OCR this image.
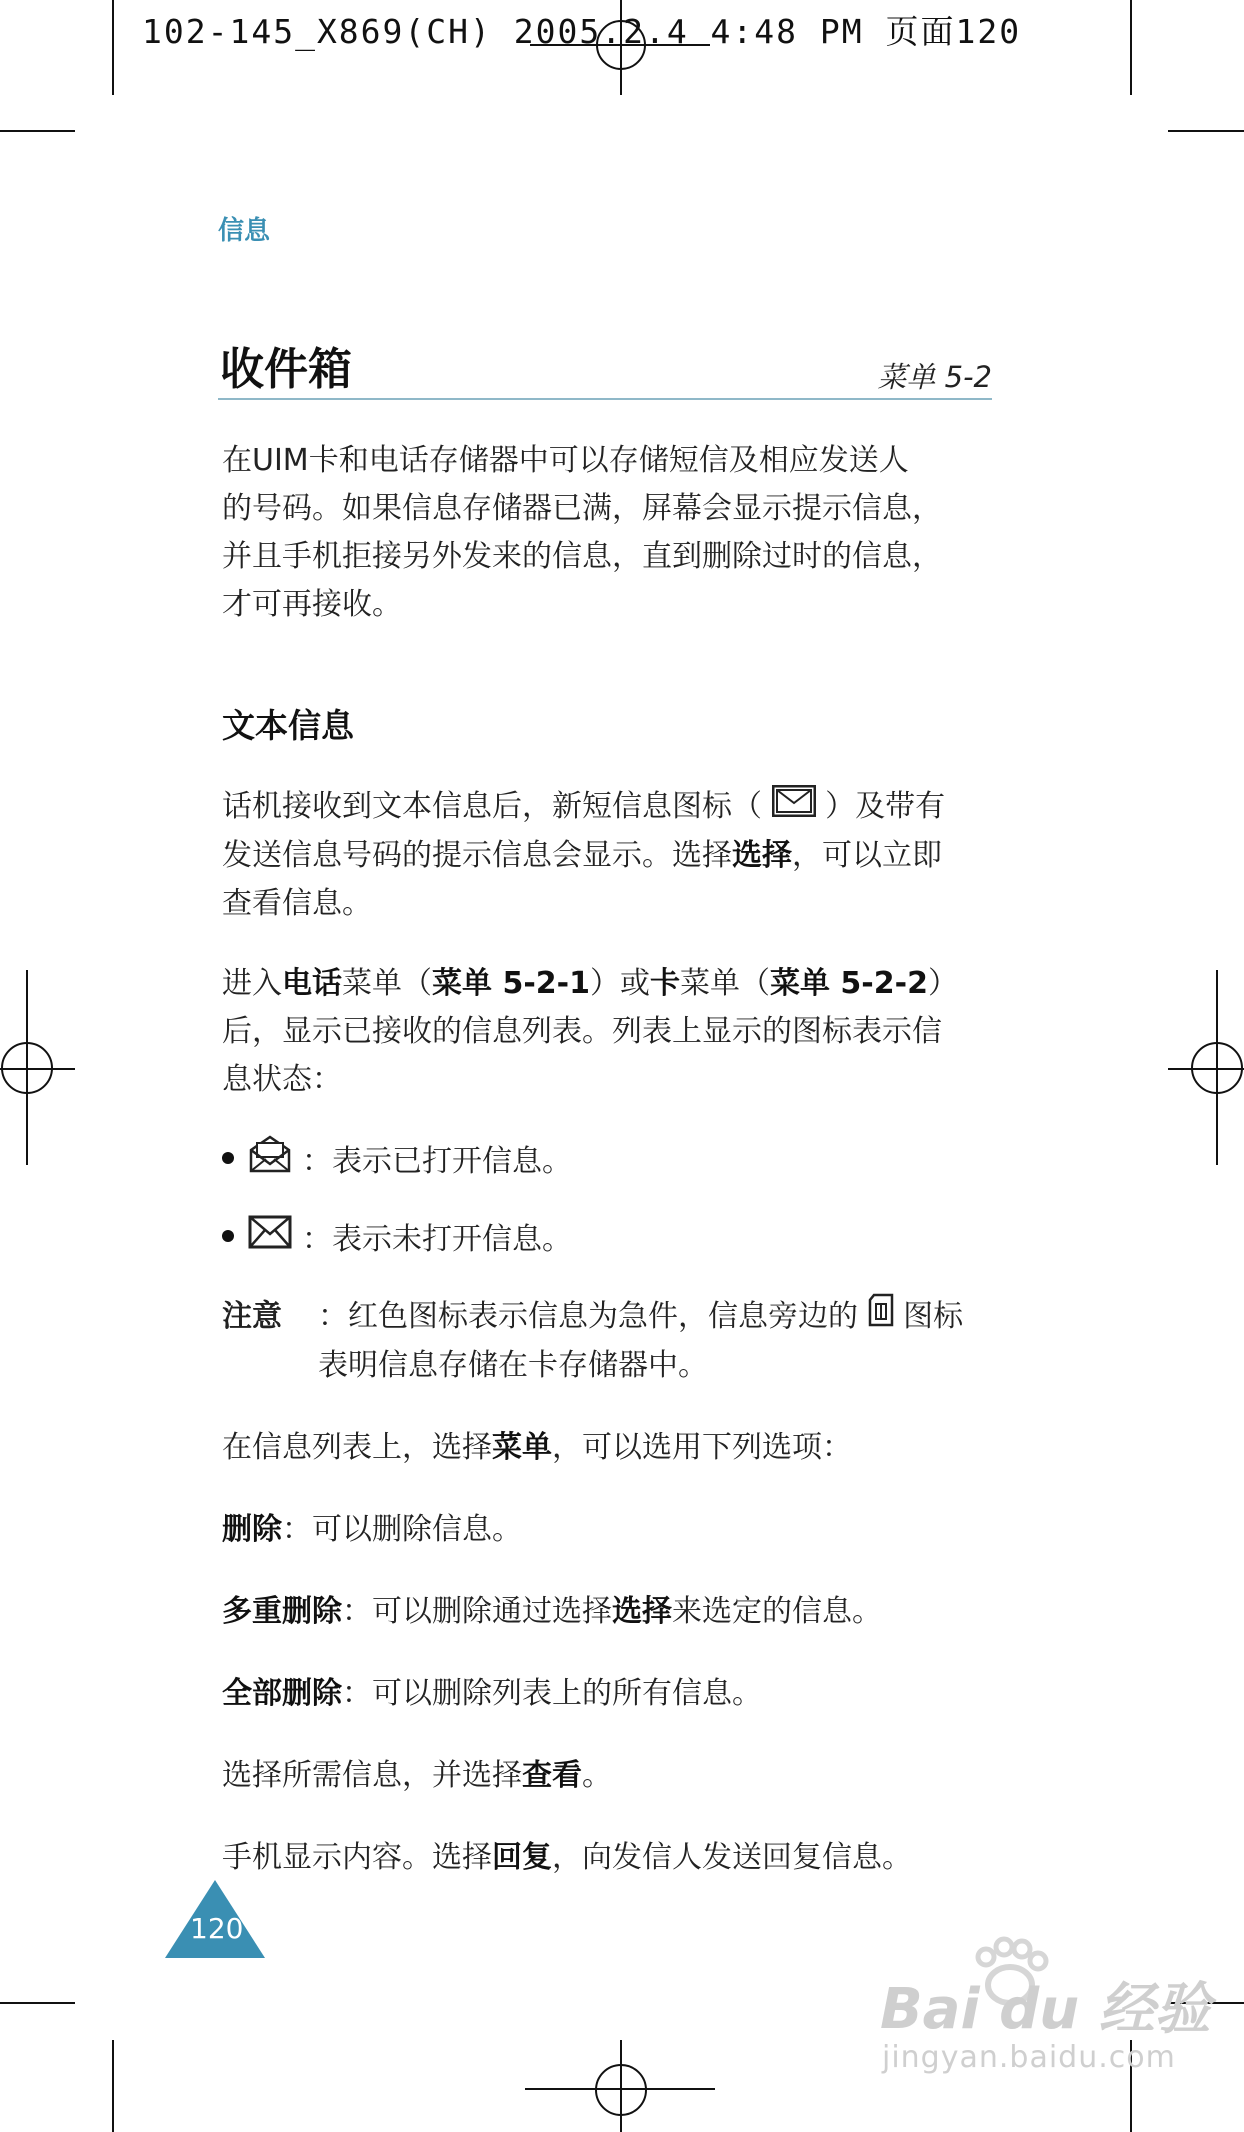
102-145_X869(CH) 2005.2.4 4:48 PM 页面120
信息
收件箱	菜单 5-2
在UIM卡和电话存储器中可以存储短信及相应发送人
的号码。如果信息存储器已满，屏幕会显示提示信息，
并且手机拒接另外发来的信息，直到删除过时的信息，
才可再接收。
文本信息
话机接收到文本信息后，新短信息图标（ ）及带有
发送信息号码的提示信息会显示。选择选择，可以立即
查看信息。
进入电话菜单（菜单 5-2-1）或卡菜单（菜单 5-2-2）
后，显示已接收的信息列表。列表上显示的图标表示信
息状态：
：表示已打开信息。
：表示未打开信息。
注意 ：红色图标表示信息为急件，信息旁边的 图标
表明信息存储在卡存储器中。
在信息列表上，选择菜单，可以选用下列选项：
删除：可以删除信息。
多重删除：可以删除通过选择选择来选定的信息。
全部删除：可以删除列表上的所有信息。
选择所需信息，并选择查看。
手机显示内容。选择回复，向发信人发送回复信息。
120
Bai du 经验
jingyan.baidu.com
